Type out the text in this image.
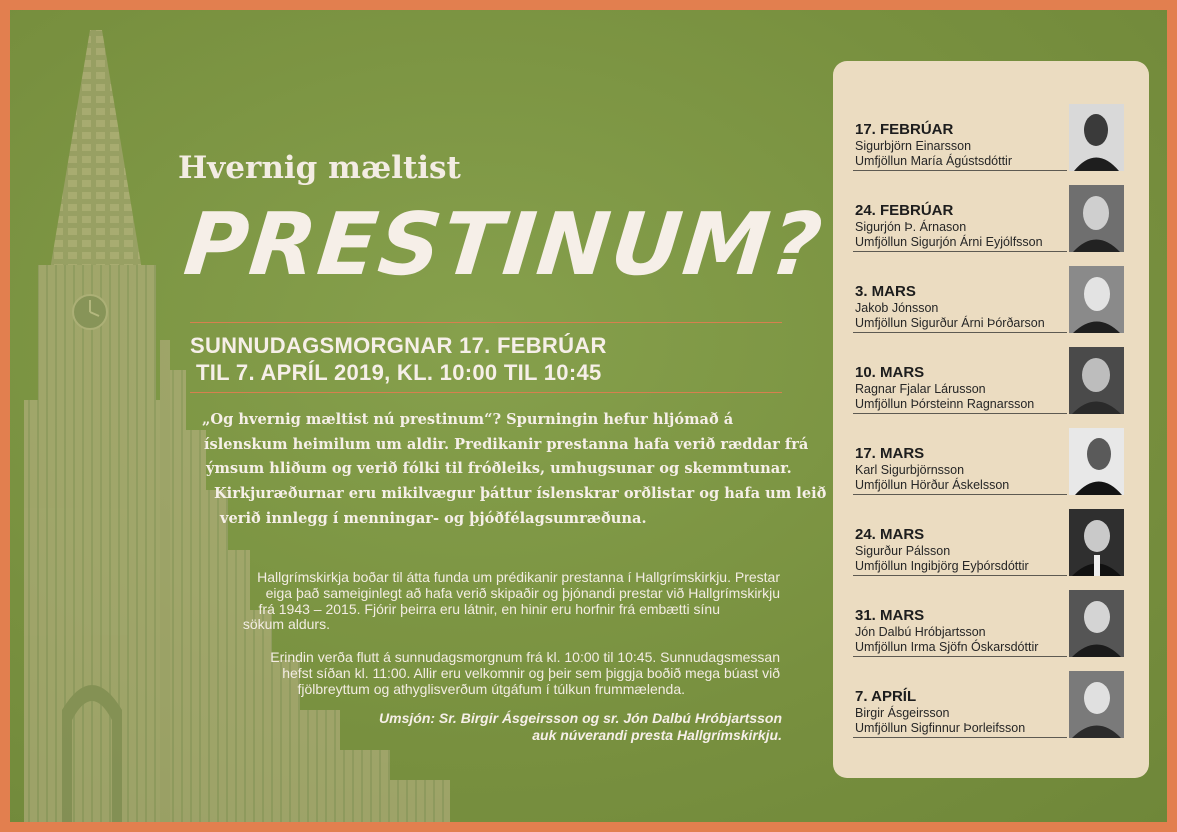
Hvernig mæltist
PRESTINUM?
SUNNUDAGSMORGNAR 17. FEBRÚAR
TIL 7. APRÍL 2019, KL. 10:00 TIL 10:45
„Og hvernig mæltist nú prestinum“? Spurningin hefur hljómað á
íslenskum heimilum um aldir. Predikanir prestanna hafa verið ræddar frá
ýmsum hliðum og verið fólki til fróðleiks, umhugsunar og skemmtunar.
Kirkjuræðurnar eru mikilvægur þáttur íslenskrar orðlistar og hafa um leið
verið innlegg í menningar- og þjóðfélagsumræðuna.
Hallgrímskirkja boðar til átta funda um prédikanir prestanna í Hallgrímskirkju. Prestar
eiga það sameiginlegt að hafa verið skipaðir og þjónandi prestar við Hallgrímskirkju
frá 1943 – 2015. Fjórir þeirra eru látnir, en hinir eru horfnir frá embætti sínu
sökum aldurs.
Erindin verða flutt á sunnudagsmorgnum frá kl. 10:00 til 10:45. Sunnudagsmessan
hefst síðan kl. 11:00. Allir eru velkomnir og þeir sem þiggja boðið mega búast við
fjölbreyttum og athyglisverðum útgáfum í túlkun frummælenda.
Umsjón: Sr. Birgir Ásgeirsson og sr. Jón Dalbú Hróbjartsson
auk núverandi presta Hallgrímskirkju.
17. FEBRÚAR
Sigurbjörn Einarsson
Umfjöllun María Ágústsdóttir
24. FEBRÚAR
Sigurjón Þ. Árnason
Umfjöllun Sigurjón Árni Eyjólfsson
3. MARS
Jakob Jónsson
Umfjöllun Sigurður Árni Þórðarson
10. MARS
Ragnar Fjalar Lárusson
Umfjöllun Þórsteinn Ragnarsson
17. MARS
Karl Sigurbjörnsson
Umfjöllun Hörður Áskelsson
24. MARS
Sigurður Pálsson
Umfjöllun Ingibjörg Eyþórsdóttir
31. MARS
Jón Dalbú Hróbjartsson
Umfjöllun Irma Sjöfn Óskarsdóttir
7. APRÍL
Birgir Ásgeirsson
Umfjöllun Sigfinnur Þorleifsson
